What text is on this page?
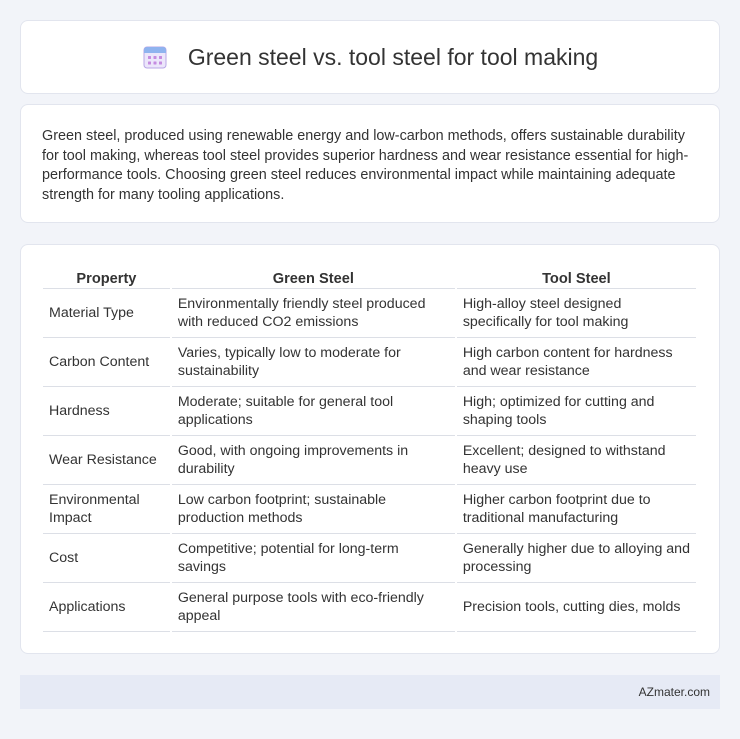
Green steel vs. tool steel for tool making

Green steel, produced using renewable energy and low-carbon methods, offers sustainable durability for tool making, whereas tool steel provides superior hardness and wear resistance essential for high-performance tools. Choosing green steel reduces environmental impact while maintaining adequate strength for many tooling applications.

Property	Green Steel	Tool Steel
Material Type	Environmentally friendly steel produced with reduced CO2 emissions	High-alloy steel designed specifically for tool making
Carbon Content	Varies, typically low to moderate for sustainability	High carbon content for hardness and wear resistance
Hardness	Moderate; suitable for general tool applications	High; optimized for cutting and shaping tools
Wear Resistance	Good, with ongoing improvements in durability	Excellent; designed to withstand heavy use
Environmental Impact	Low carbon footprint; sustainable production methods	Higher carbon footprint due to traditional manufacturing
Cost	Competitive; potential for long-term savings	Generally higher due to alloying and processing
Applications	General purpose tools with eco-friendly appeal	Precision tools, cutting dies, molds
AZmater.com
